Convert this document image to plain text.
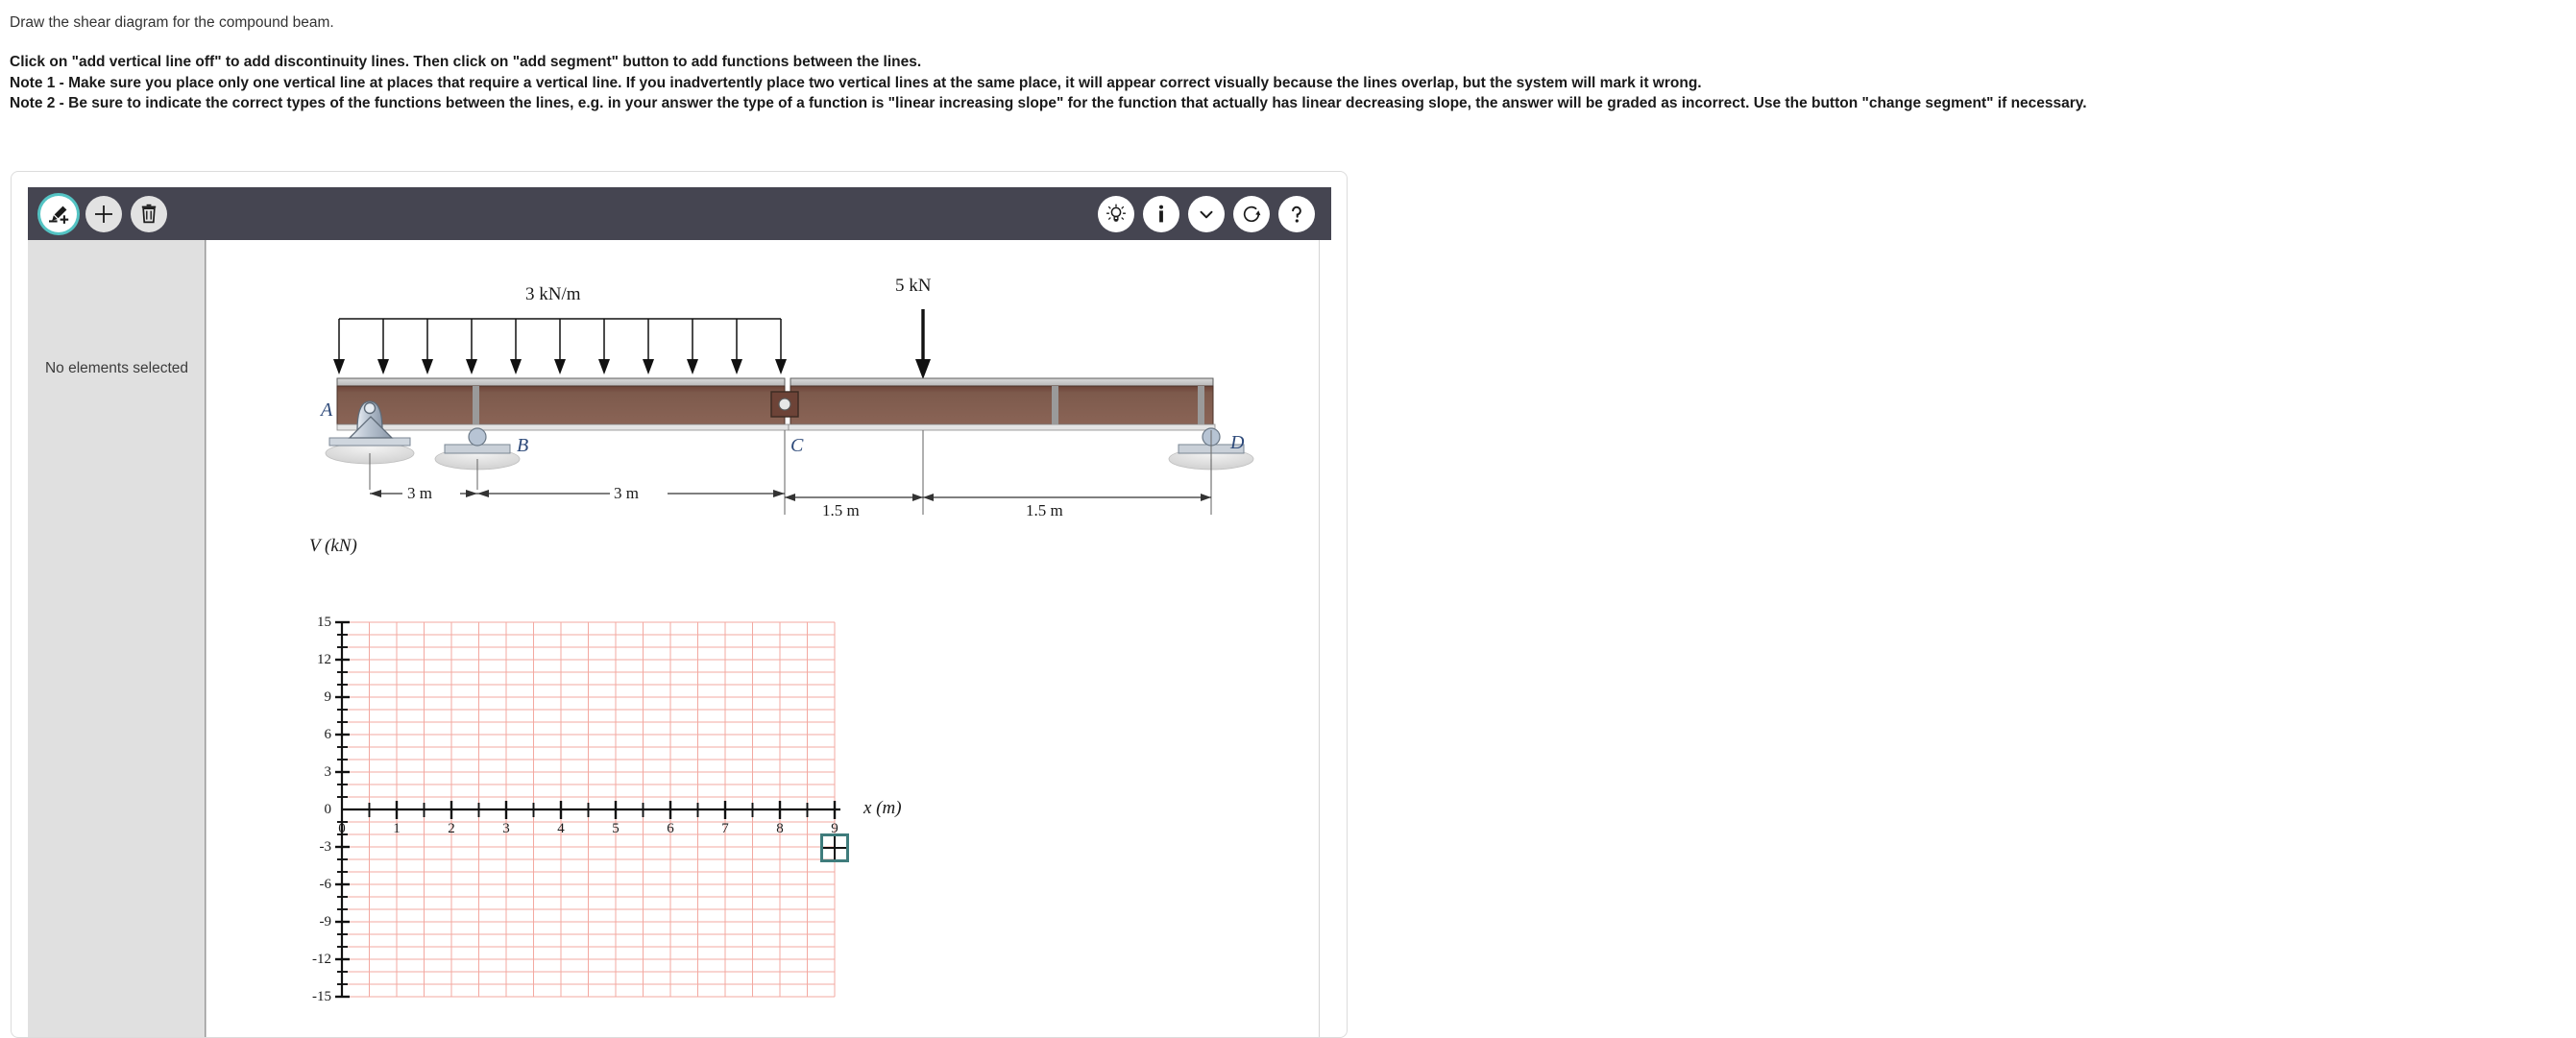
Draw the shear diagram for the compound beam.

Click on "add vertical line off" to add discontinuity lines. Then click on "add segment" button to add functions between the lines.

Note 1 - Make sure you place only one vertical line at places that require a vertical line. If you inadvertently place two vertical lines at the same place, it will appear correct visually because the lines overlap, but the system will mark it wrong.

Note 2 - Be sure to indicate the correct types of the functions between the lines, e.g. in your answer the type of a function is "linear increasing slope" for the function that actually has linear decreasing slope, the answer will be graded as incorrect. Use the button "change segment" if necessary.

No elements selected
3 kN/m	5 kN
A
B	C	D
3 m	3 m
1.5 m	1.5 m
V (kN)
15
12
9
6
3
0
-3
-6
-9
-12
-15
0	1	2	3	4	5	6	7	8	9
x (m)
